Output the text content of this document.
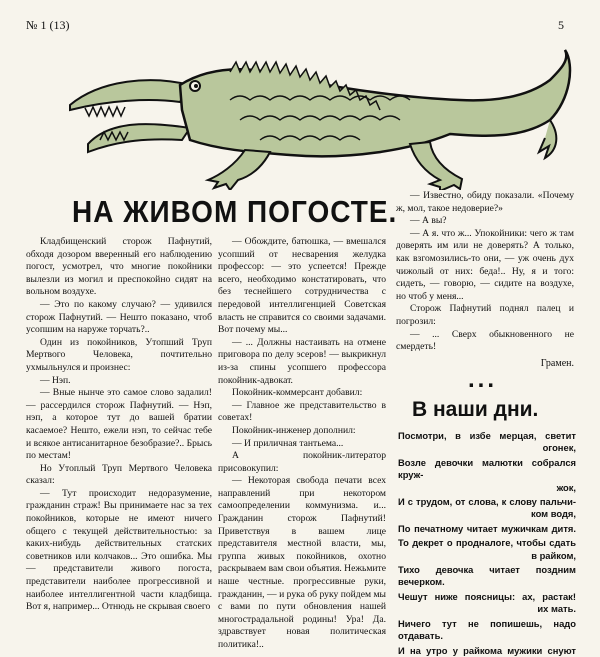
№ 1 (13)	5
НА ЖИВОМ ПОГОСТЕ.

Кладбищенский сторож Пафнутий, обходя дозором вверенный его наблюдению погост, усмотрел, что многие покойники вылезли из могил и преспокойно сидят на вольном воздухе.

— Это по какому случаю? — удивился сторож Пафнутий. — Нешто показано, чтоб усопшим на наруже торчать?..

Один из покойников, Утопший Труп Мертвого Человека, почтительно ухмыльнулся и произнес:

— Нэп.

— Вные нынче это самое слово задалил! — рассердился сторож Пафнутий. — Нэп, нэп, а которое тут до вашей братии касаемое? Нешто, ежели нэп, то сейчас тебе и всякое антисанитарное безобразие?.. Брысь по местам!

Но Утоплый Труп Мертвого Человека сказал:

— Тут происходит недоразумение, гражданин страж! Вы принимаете нас за тех покойников, которые не имеют ничего общего с текущей действительностью: за каких-нибудь действительных статских советников или колчаков... Это ошибка. Мы — представители живого погоста, представители наиболее прогрессивной и наиболее интеллигентной части кладбища. Вот я, например... Отнюдь не скрывая своего

— Обождите, батюшка, — вмешался усопший от несварения желудка профессор: — это успеется! Прежде всего, необходимо констатировать, что без теснейшего сотрудничества с передовой интеллигенцией Советская власть не справится со своими задачами. Вот почему мы...

— ... Должны настаивать на отмене приговора по делу эсеров! — выкрикнул из-за спины усопшего профессора покойник-адвокат.

Покойник-коммерсант добавил:

— Главное же представительство в советах!

Покойник-инженер дополнил:

— И приличная тантьема...

А покойник-литератор присовокупил:

— Некоторая свобода печати всех направлений при некотором самоопределении коммунизма. и... Гражданин сторож Пафнутий! Приветствуя в вашем лице представителя местной власти, мы, группа живых покойников, охотно раскрываем вам свои объятия. Нежьмите наше честные. прогрессивные руки, гражданин, — и рука об руку пойдем мы с вами по пути обновления нашей многострадальной родины! Ура! Да. здравствует новая политическая политика!..

— Известно, обиду показали. «Почему ж, мол, такое недоверие?»

— А вы?

— А я. что ж... Упокойники: чего ж там доверять им или не доверять? А только, как взгомозились-то они, — уж очень дух чижолый от них: беда!.. Ну, я и того: сидеть, — говорю, — сидите на воздухе, но чтоб у меня...

Сторож Пафнутий поднял палец и погрозил:

— ... Сверх обыкновенного не смердеть!

Грамен.
...
В наши дни.
Посмотри, в избе мерцая, светит
огонек,
Возле девочки малютки собрался круж-
жок,
И с трудом, от слова, к слову пальчи-
ком водя,
По печатному читает мужичкам дитя.
То декрет о продналоге, чтобы сдать
в райком,
Тихо девочка читает поздним вечерком.
Чешут ниже поясницы: ах, растак!
их мать.
Ничего тут не попишешь, надо отдавать.
И на утро у райкома мужики снуют
